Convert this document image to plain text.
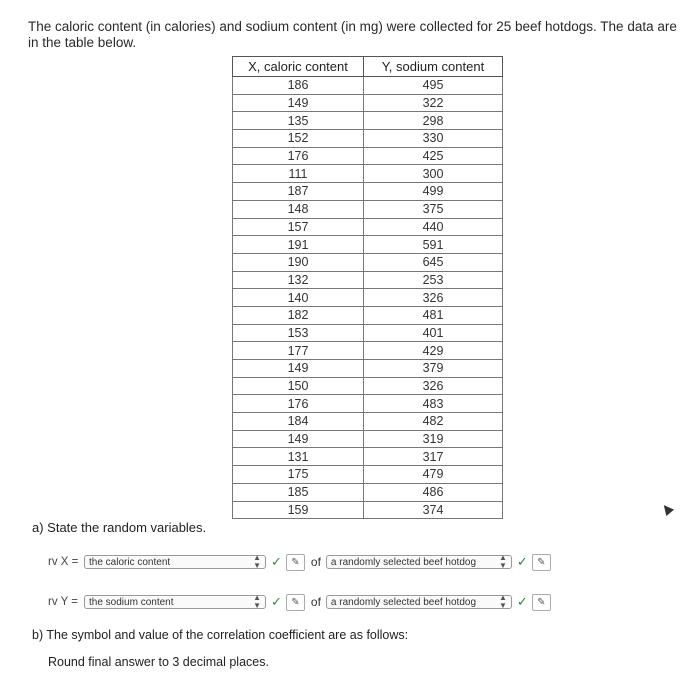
The caloric content (in calories) and sodium content (in mg) were collected for 25 beef hotdogs. The data are in the table below.
X, caloric content	Y, sodium content
186	495
149	322
135	298
152	330
176	425
111	300
187	499
148	375
157	440
191	591
190	645
132	253
140	326
182	481
153	401
177	429
149	379
150	326
176	483
184	482
149	319
131	317
175	479
185	486
159	374
a) State the random variables.
rv X =	the caloric content	▲
▼ ✓ ✎ of a randomly selected beef hotdog	▲
▼ ✓ ✎
rv Y =	the sodium content	▲
▼ ✓ ✎ of a randomly selected beef hotdog	▲
▼ ✓ ✎
b) The symbol and value of the correlation coefficient are as follows:
Round final answer to 3 decimal places.
